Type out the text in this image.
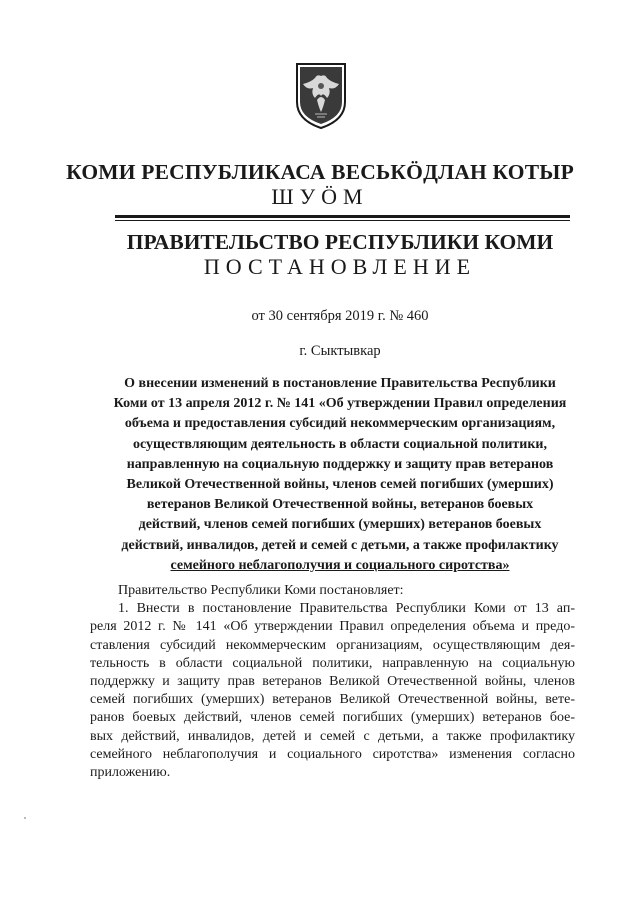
КОМИ РЕСПУБЛИКАСА ВЕСЬКӦДЛАН КОТЫР
ШУÖМ
ПРАВИТЕЛЬСТВО РЕСПУБЛИКИ КОМИ
ПОСТАНОВЛЕНИЕ
от 30 сентября 2019 г. № 460
г. Сыктывкар
О внесении изменений в постановление Правительства Республики
Коми от 13 апреля 2012 г. № 141 «Об утверждении Правил определения
объема и предоставления субсидий некоммерческим организациям,
осуществляющим деятельность в области социальной политики,
направленную на социальную поддержку и защиту прав ветеранов
Великой Отечественной войны, членов семей погибших (умерших)
ветеранов Великой Отечественной войны, ветеранов боевых
действий, членов семей погибших (умерших) ветеранов боевых
действий, инвалидов, детей и семей с детьми, а также профилактику
семейного неблагополучия и социального сиротства»
Правительство Республики Коми постановляет:
1. Внести в постановление Правительства Республики Коми от 13 ап-
реля 2012 г. № 141 «Об утверждении Правил определения объема и предо-
ставления субсидий некоммерческим организациям, осуществляющим дея-
тельность в области социальной политики, направленную на социальную
поддержку и защиту прав ветеранов Великой Отечественной войны, членов
семей погибших (умерших) ветеранов Великой Отечественной войны, вете-
ранов боевых действий, членов семей погибших (умерших) ветеранов бое-
вых действий, инвалидов, детей и семей с детьми, а также профилактику
семейного неблагополучия и социального сиротства» изменения согласно
приложению.
